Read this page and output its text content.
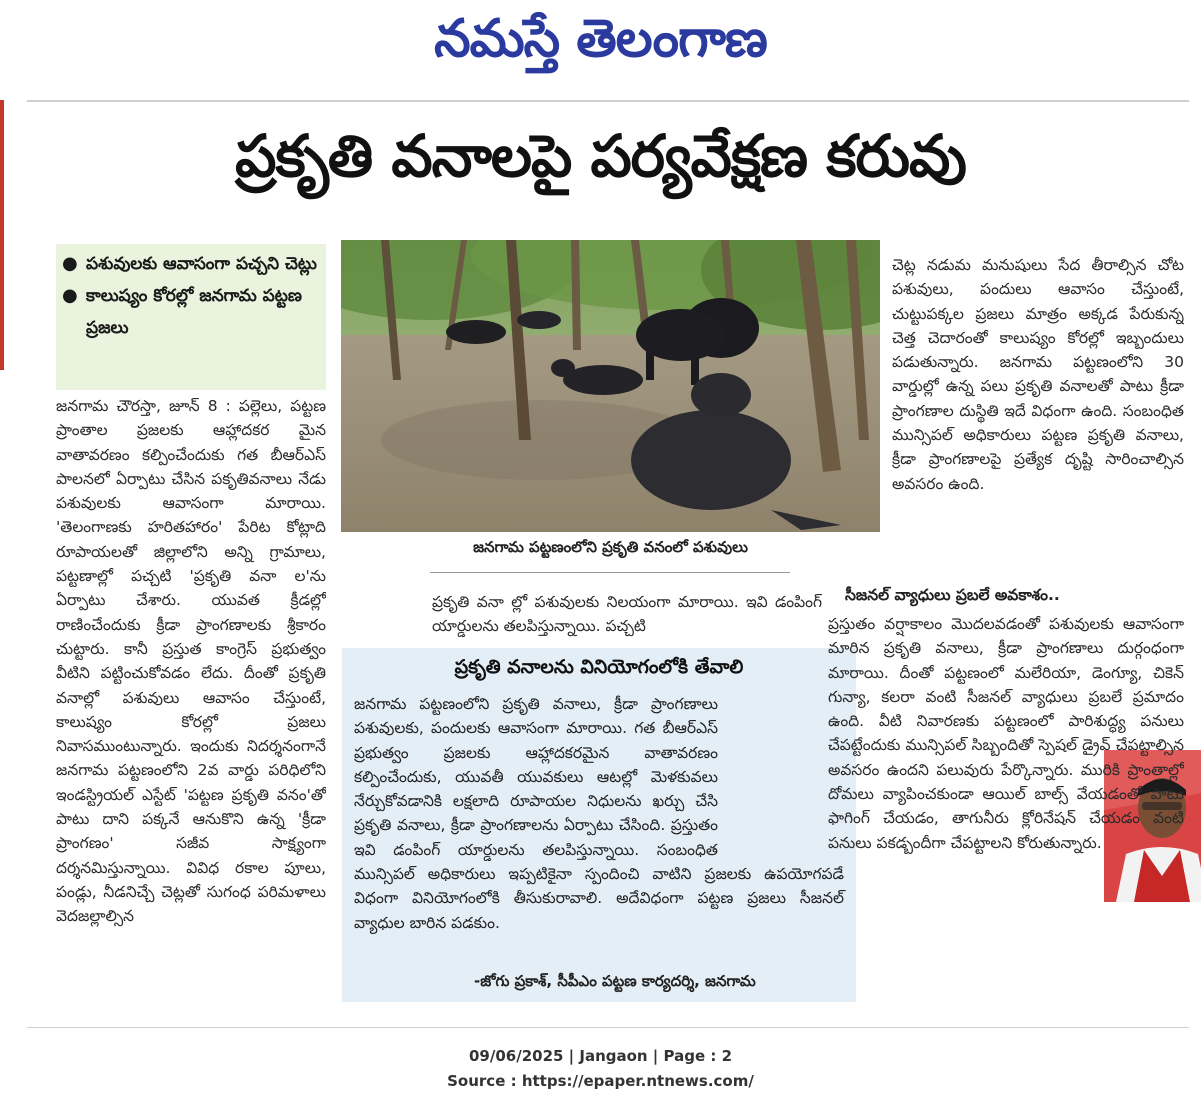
నమస్తే తెలంగాణ
ప్రకృతి వనాలపై పర్యవేక్షణ కరువు
● పశువులకు ఆవాసంగా పచ్చని చెట్లు
● కాలుష్యం కోరల్లో జనగామ పట్టణ ప్రజలు
జనగామ పట్టణంలోని ప్రకృతి వనంలో పశువులు
జనగామ చౌరస్తా, జూన్ 8 : పల్లెలు, పట్టణ ప్రాంతాల ప్రజలకు ఆహ్లాదకర మైన వాతావరణం కల్పించేందుకు గత బీఆర్ఎస్ పాలనలో ఏర్పాటు చేసిన పకృతివనాలు నేడు పశువులకు ఆవాసంగా మారాయి. 'తెలంగాణకు హరితహారం' పేరిట కోట్లాది రూపాయలతో జిల్లాలోని అన్ని గ్రామాలు, పట్టణాల్లో పచ్చటి 'ప్రకృతి వనా ల'ను ఏర్పాటు చేశారు. యువత క్రీడల్లో రాణించేందుకు క్రీడా ప్రాంగణాలకు శ్రీకారం చుట్టారు. కానీ ప్రస్తుత కాంగ్రెస్ ప్రభుత్వం వీటిని పట్టించుకోవడం లేదు. దీంతో ప్రకృతి వనాల్లో పశువులు ఆవాసం చేస్తుంటే, కాలుష్యం కోరల్లో ప్రజలు నివాసముంటున్నారు. ఇందుకు నిదర్శనంగానే జనగామ పట్టణంలోని 2వ వార్డు పరిధిలోని ఇండస్ట్రియల్ ఎస్టేట్ 'పట్టణ ప్రకృతి వనం'తో పాటు దాని పక్కనే ఆనుకొని ఉన్న 'క్రీడా ప్రాంగణం' సజీవ సాక్ష్యంగా దర్శనమిస్తున్నాయి. వివిధ రకాల పూలు, పండ్లు, నీడనిచ్చే చెట్లతో సుగంధ పరిమళాలు వెదజల్లాల్సిన
ప్రకృతి వనా ల్లో పశువులకు నిలయంగా మారాయి. ఇవి డంపింగ్ యార్డులను తలపిస్తున్నాయి. పచ్చటి
ప్రకృతి వనాలను వినియోగంలోకి తేవాలి
జనగామ పట్టణంలోని ప్రకృతి వనాలు, క్రీడా ప్రాంగణాలు పశువులకు, పందులకు ఆవాసంగా మారాయి. గత బీఆర్ఎస్ ప్రభుత్వం ప్రజలకు ఆహ్లాదకరమైన వాతావరణం కల్పించేందుకు, యువతీ యువకులు ఆటల్లో మెళకువలు నేర్చుకోవడానికి లక్షలాది రూపాయల నిధులను ఖర్చు చేసి ప్రకృతి వనాలు, క్రీడా ప్రాంగణాలను ఏర్పాటు చేసింది. ప్రస్తుతం ఇవి డంపింగ్ యార్డులను తలపిస్తున్నాయి. సంబంధిత మున్సిపల్ అధికారులు ఇప్పటికైనా స్పందించి వాటిని ప్రజలకు ఉపయోగపడే విధంగా వినియోగంలోకి తీసుకురావాలి. అదేవిధంగా పట్టణ ప్రజలు సీజనల్ వ్యాధుల బారిన పడకుం.
-జోగు ప్రకాశ్, సీపీఎం పట్టణ కార్యదర్శి, జనగామ
చెట్ల నడుమ మనుషులు సేద తీరాల్సిన చోట పశువులు, పందులు ఆవాసం చేస్తుంటే, చుట్టుపక్కల ప్రజలు మాత్రం అక్కడ పేరుకున్న చెత్త చెదారంతో కాలుష్యం కోరల్లో ఇబ్బందులు పడుతున్నారు. జనగామ పట్టణంలోని 30 వార్డుల్లో ఉన్న పలు ప్రకృతి వనాలతో పాటు క్రీడా ప్రాంగణాల దుస్థితి ఇదే విధంగా ఉంది. సంబంధిత మున్సిపల్ అధికారులు పట్టణ ప్రకృతి వనాలు, క్రీడా ప్రాంగణాలపై ప్రత్యేక దృష్టి సారించాల్సిన అవసరం ఉంది.
సీజనల్ వ్యాధులు ప్రబలే అవకాశం..
ప్రస్తుతం వర్షాకాలం మొదలవడంతో పశువులకు ఆవాసంగా మారిన ప్రకృతి వనాలు, క్రీడా ప్రాంగణాలు దుర్గంధంగా మారాయి. దీంతో పట్టణంలో మలేరియా, డెంగ్యూ, చికెన్ గున్యా, కలరా వంటి సీజనల్ వ్యాధులు ప్రబలే ప్రమాదం ఉంది. వీటి నివారణకు పట్టణంలో పారిశుద్ధ్య పనులు చేపట్టేందుకు మున్సిపల్ సిబ్బందితో స్పెషల్ డ్రైవ్ చేపట్టాల్సిన అవసరం ఉందని పలువురు పేర్కొన్నారు. మురికి ప్రాంతాల్లో దోమలు వ్యాపించకుండా ఆయిల్ బాల్స్ వేయడంతో పాటు ఫాగింగ్ చేయడం, తాగునీరు క్లోరినేషన్ చేయడం వంటి పనులు పకడ్బందీగా చేపట్టాలని కోరుతున్నారు.
09/06/2025 | Jangaon | Page : 2
Source : https://epaper.ntnews.com/
